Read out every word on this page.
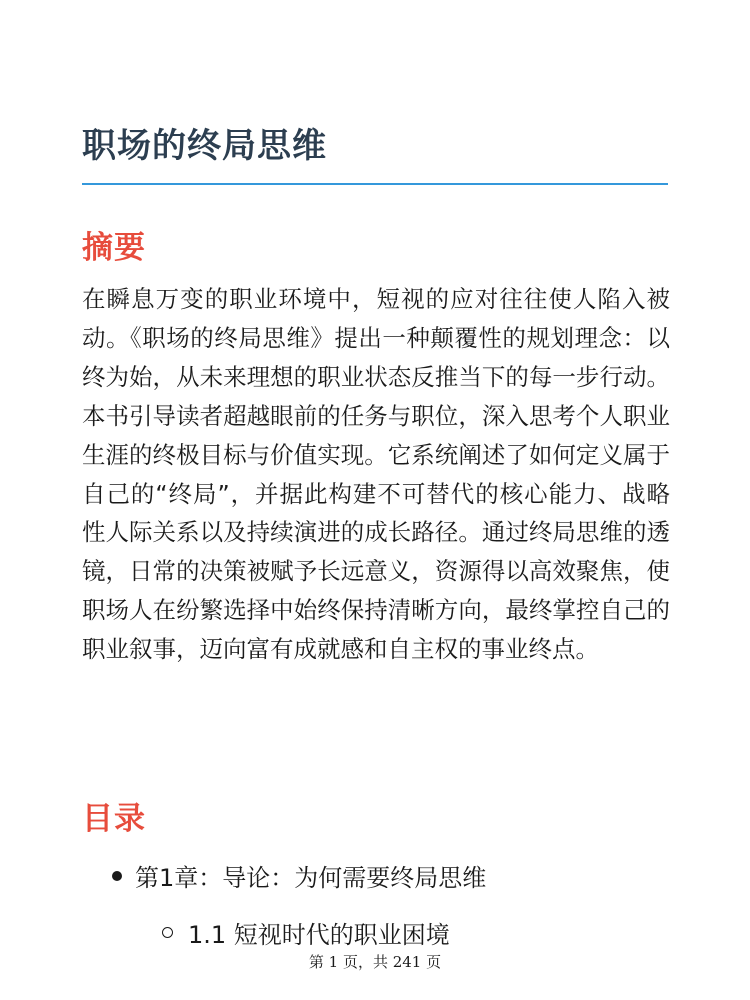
职场的终局思维
摘要

在瞬息万变的职业环境中，短视的应对往往使人陷入被动。《职场的终局思维》提出一种颠覆性的规划理念：以终为始，从未来理想的职业状态反推当下的每一步行动。本书引导读者超越眼前的任务与职位，深入思考个人职业生涯的终极目标与价值实现。它系统阐述了如何定义属于自己的“终局”，并据此构建不可替代的核心能力、战略性人际关系以及持续演进的成长路径。通过终局思维的透镜，日常的决策被赋予长远意义，资源得以高效聚焦，使职场人在纷繁选择中始终保持清晰方向，最终掌控自己的职业叙事，迈向富有成就感和自主权的事业终点。

目录
第1章：导论：为何需要终局思维
1.1 短视时代的职业困境
第 1 页，共 241 页
